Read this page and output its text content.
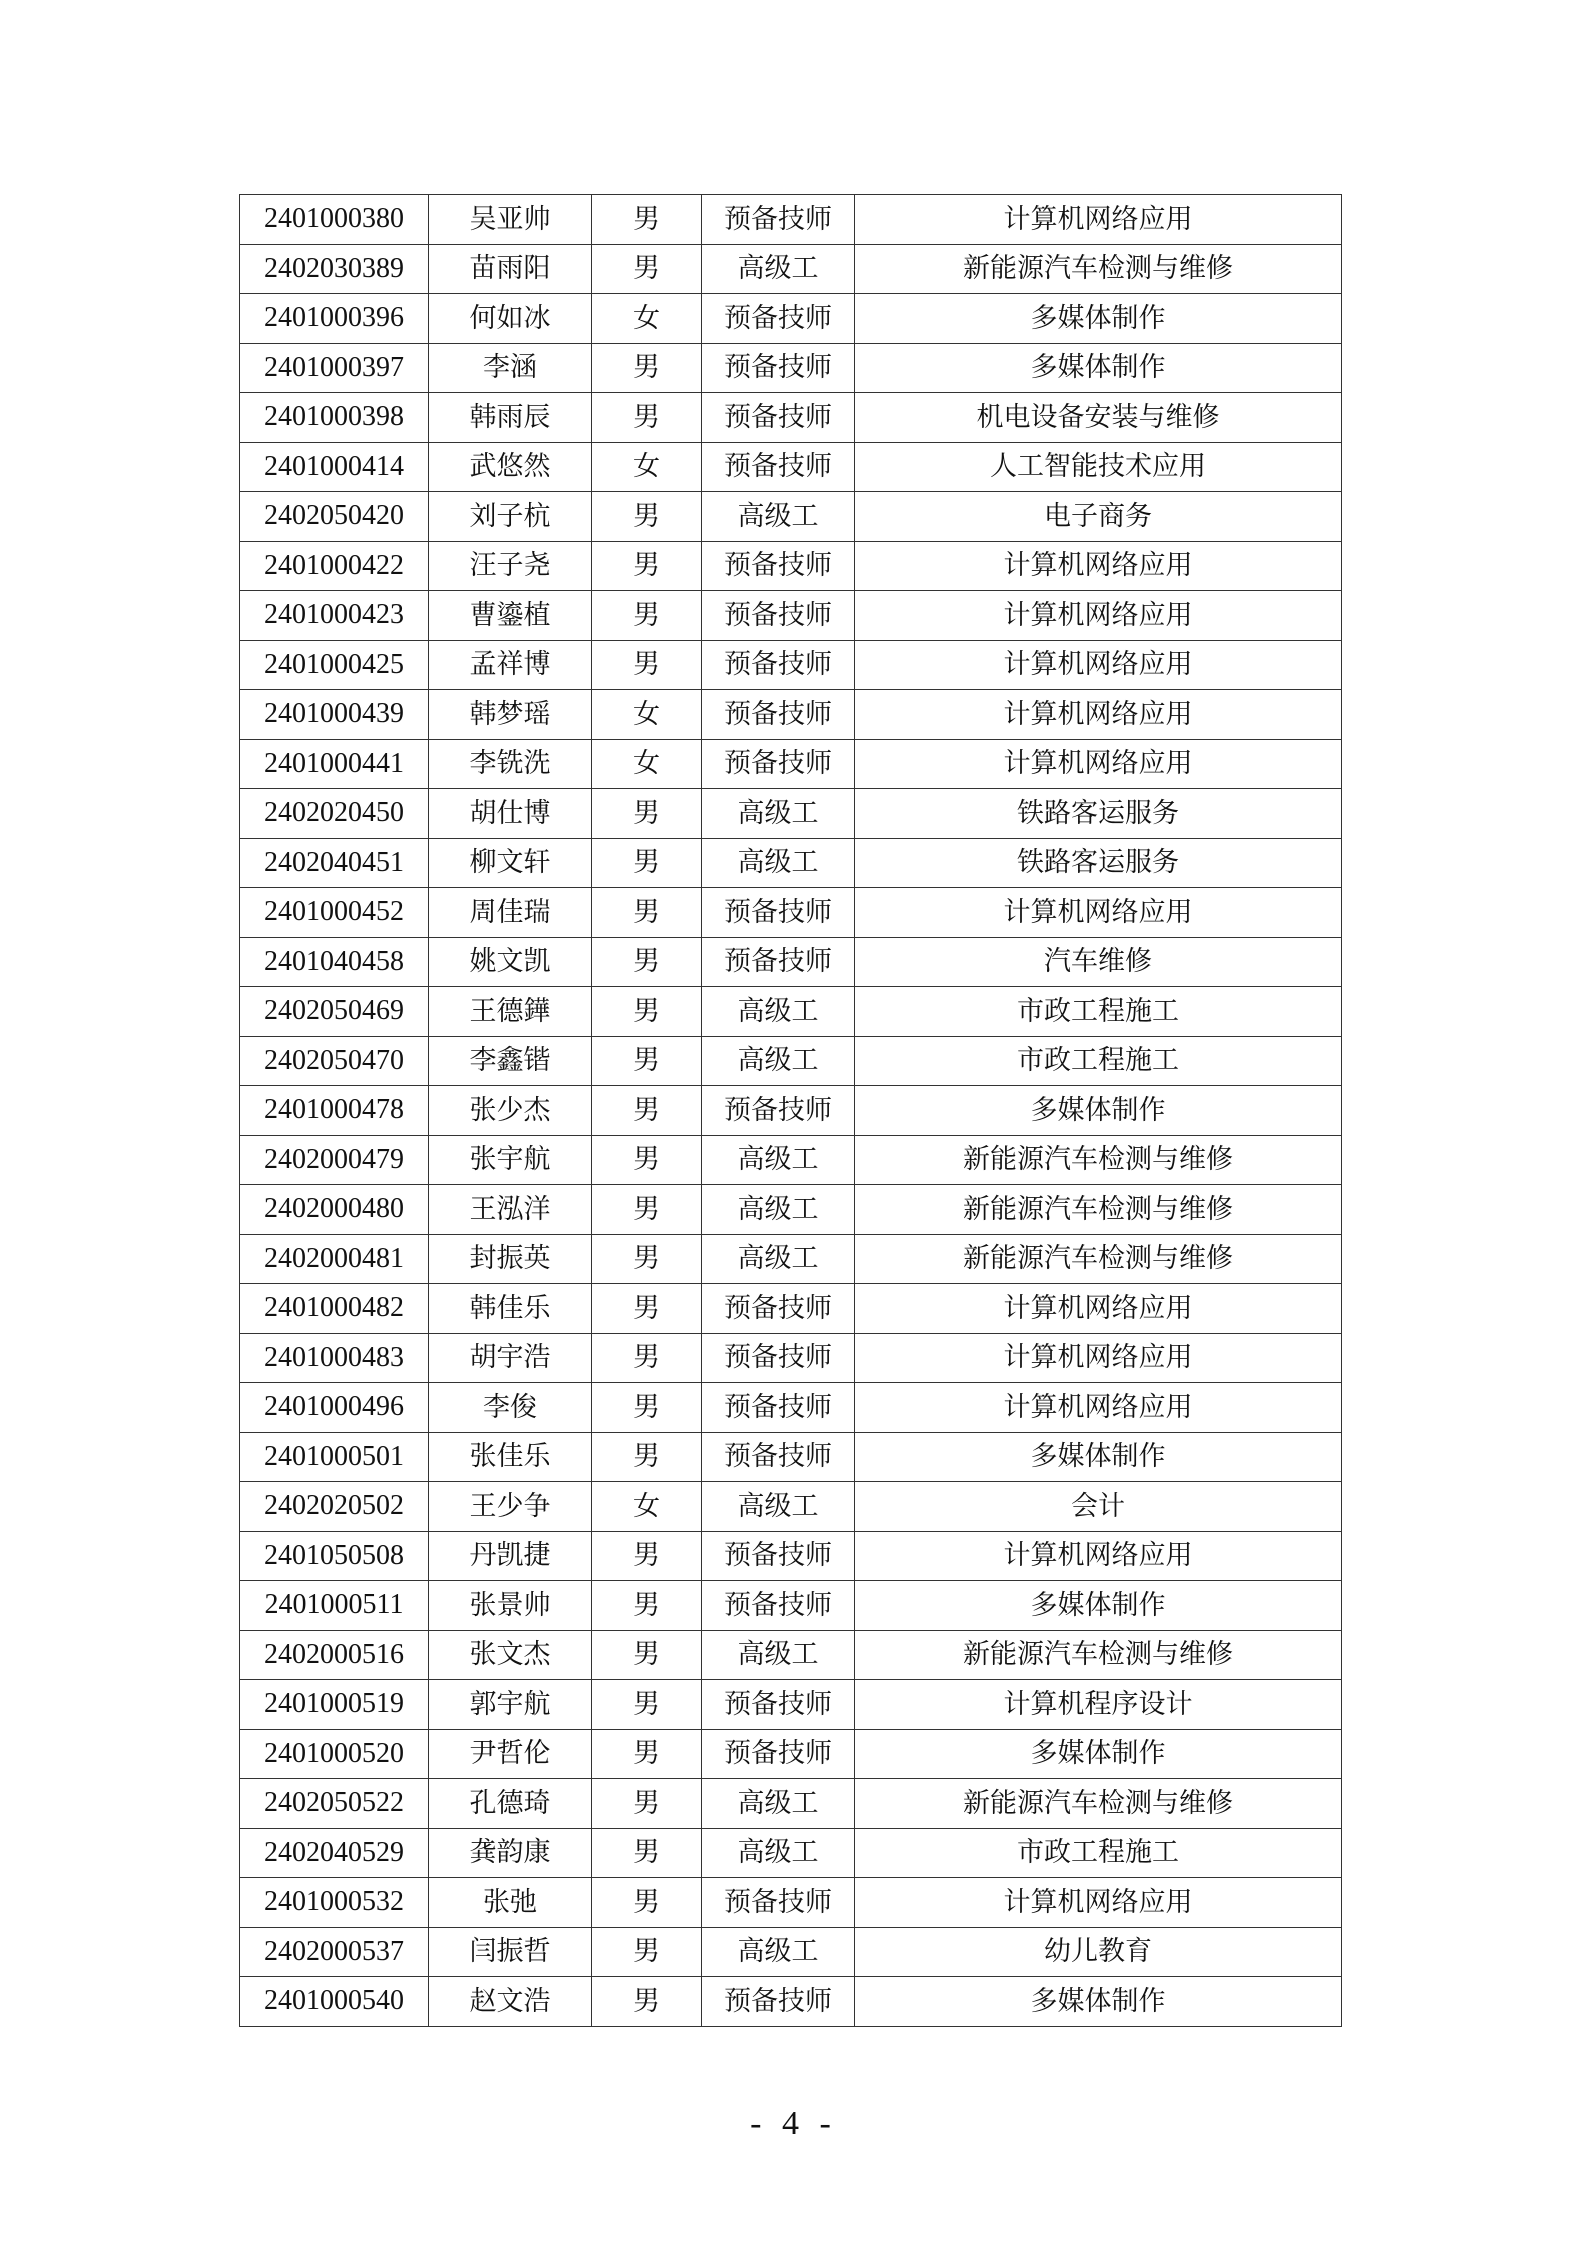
2401000380	吴亚帅	男	预备技师	计算机网络应用
2402030389	苗雨阳	男	高级工	新能源汽车检测与维修
2401000396	何如冰	女	预备技师	多媒体制作
2401000397	李涵	男	预备技师	多媒体制作
2401000398	韩雨辰	男	预备技师	机电设备安装与维修
2401000414	武悠然	女	预备技师	人工智能技术应用
2402050420	刘子杭	男	高级工	电子商务
2401000422	汪子尧	男	预备技师	计算机网络应用
2401000423	曹鎏植	男	预备技师	计算机网络应用
2401000425	孟祥博	男	预备技师	计算机网络应用
2401000439	韩梦瑶	女	预备技师	计算机网络应用
2401000441	李铣洗	女	预备技师	计算机网络应用
2402020450	胡仕博	男	高级工	铁路客运服务
2402040451	柳文轩	男	高级工	铁路客运服务
2401000452	周佳瑞	男	预备技师	计算机网络应用
2401040458	姚文凯	男	预备技师	汽车维修
2402050469	王德鏵	男	高级工	市政工程施工
2402050470	李鑫锴	男	高级工	市政工程施工
2401000478	张少杰	男	预备技师	多媒体制作
2402000479	张宇航	男	高级工	新能源汽车检测与维修
2402000480	王泓洋	男	高级工	新能源汽车检测与维修
2402000481	封振英	男	高级工	新能源汽车检测与维修
2401000482	韩佳乐	男	预备技师	计算机网络应用
2401000483	胡宇浩	男	预备技师	计算机网络应用
2401000496	李俊	男	预备技师	计算机网络应用
2401000501	张佳乐	男	预备技师	多媒体制作
2402020502	王少争	女	高级工	会计
2401050508	丹凯捷	男	预备技师	计算机网络应用
2401000511	张景帅	男	预备技师	多媒体制作
2402000516	张文杰	男	高级工	新能源汽车检测与维修
2401000519	郭宇航	男	预备技师	计算机程序设计
2401000520	尹哲伦	男	预备技师	多媒体制作
2402050522	孔德琦	男	高级工	新能源汽车检测与维修
2402040529	龚韵康	男	高级工	市政工程施工
2401000532	张弛	男	预备技师	计算机网络应用
2402000537	闫振哲	男	高级工	幼儿教育
2401000540	赵文浩	男	预备技师	多媒体制作
- 4 -
